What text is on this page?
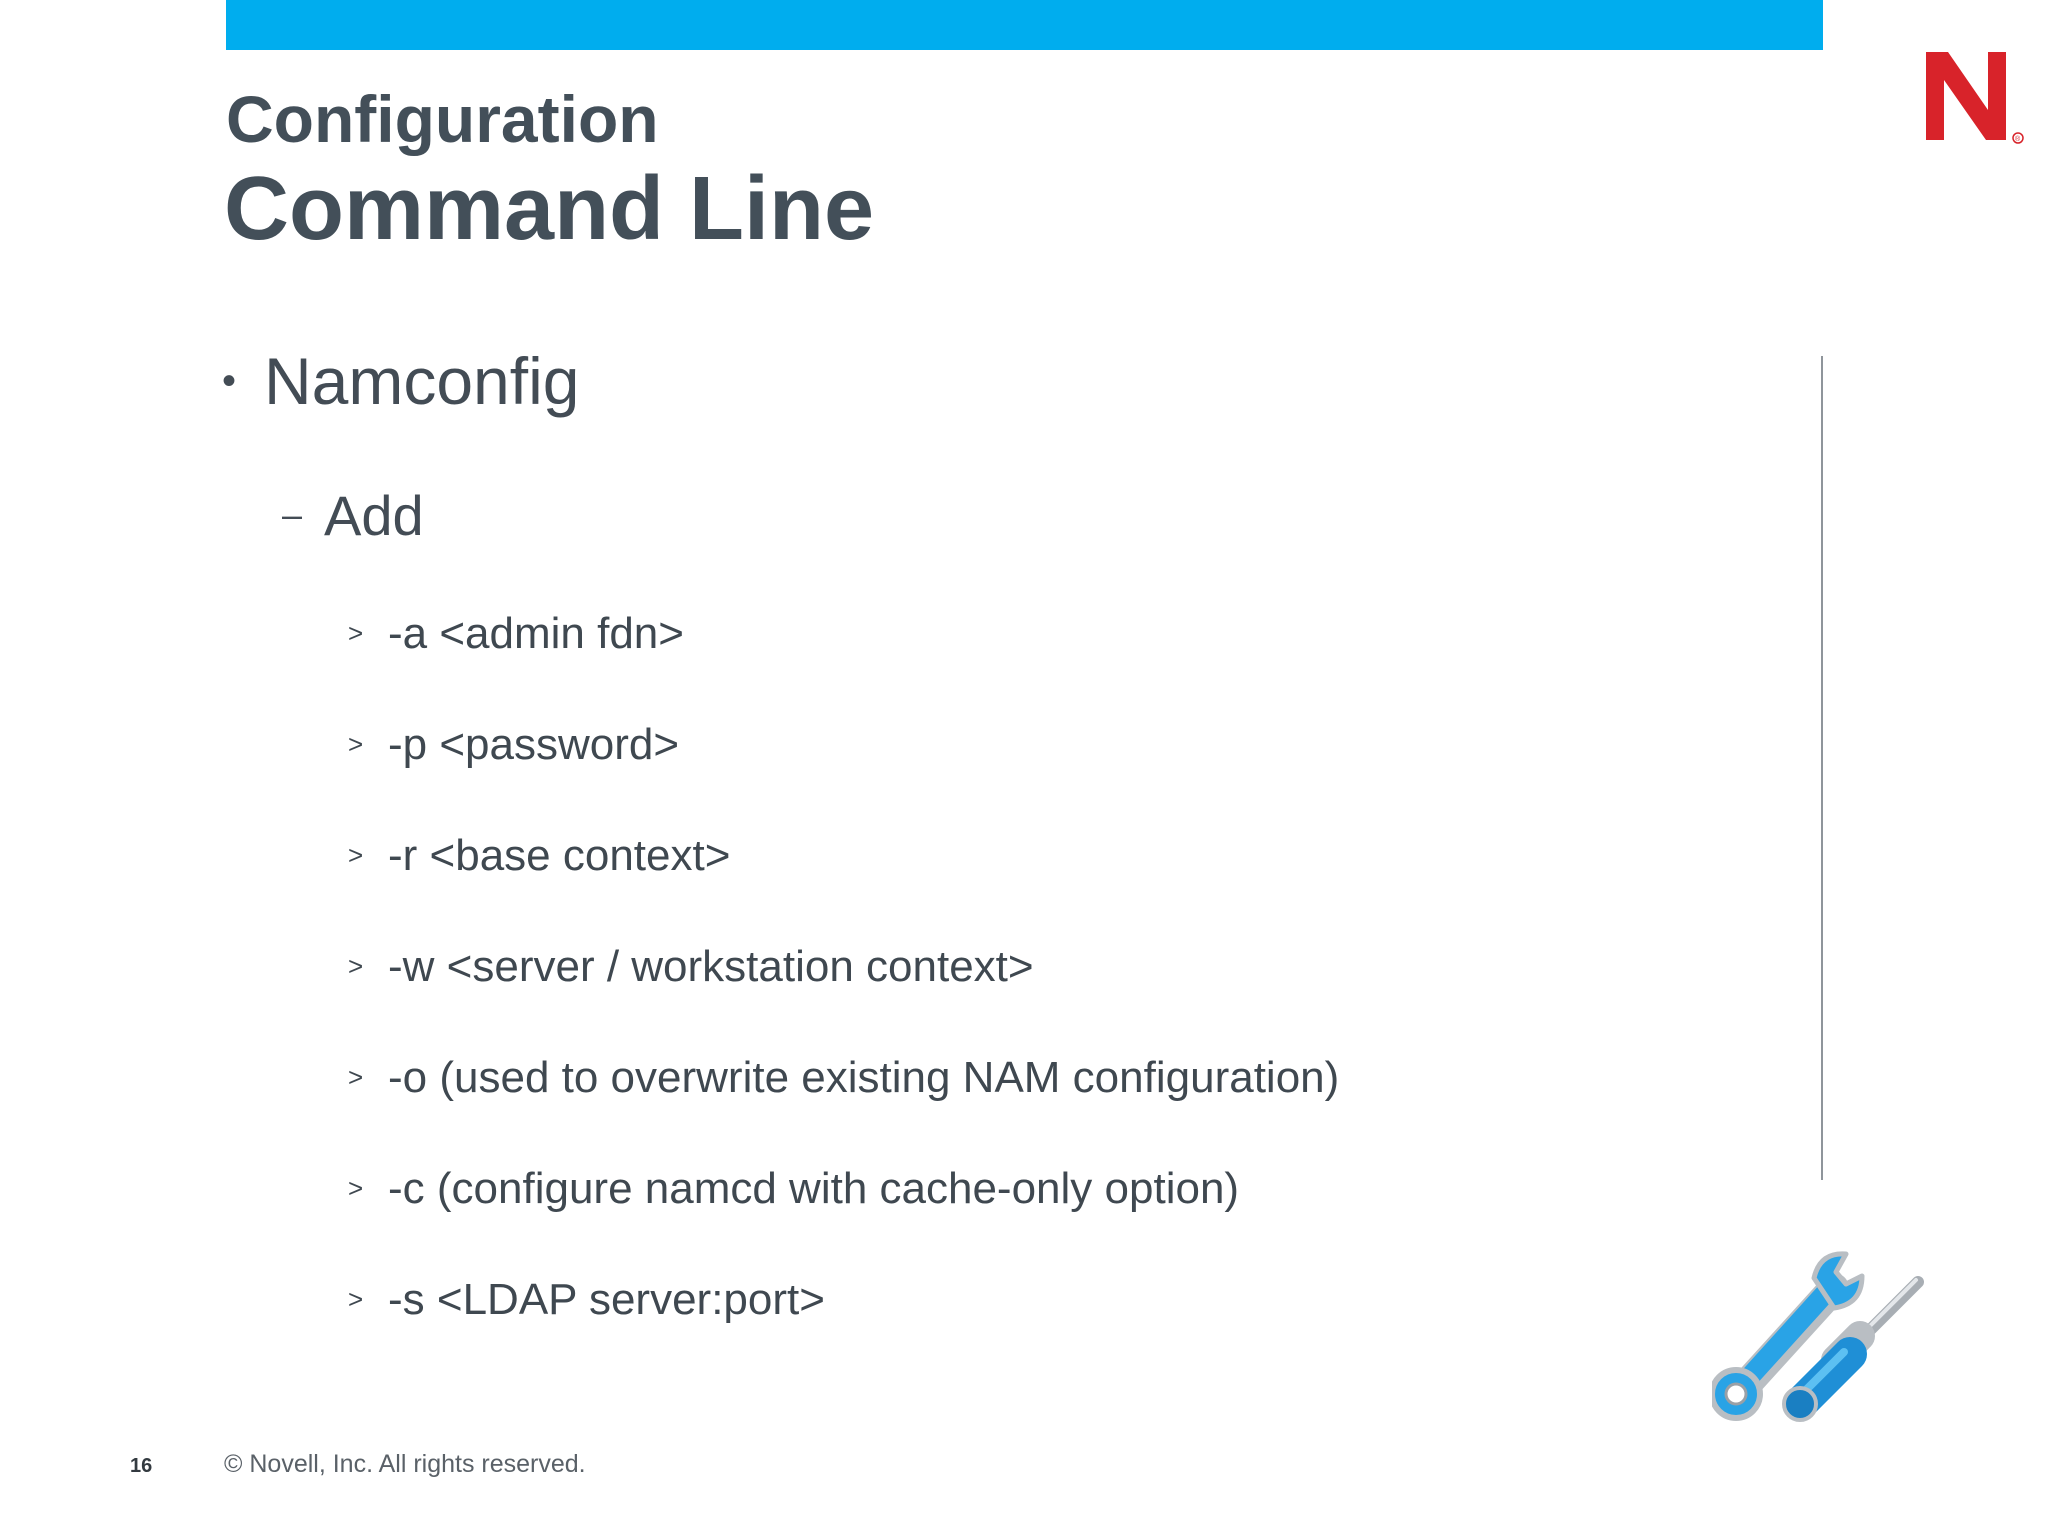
®
Configuration
Command Line
• Namconfig
– Add
> -a <admin fdn>
> -p <password>
> -r <base context>
> -w <server / workstation context>
> -o (used to overwrite existing NAM configuration)
> -c (configure namcd with cache-only option)
> -s <LDAP server:port>
16	© Novell, Inc. All rights reserved.
